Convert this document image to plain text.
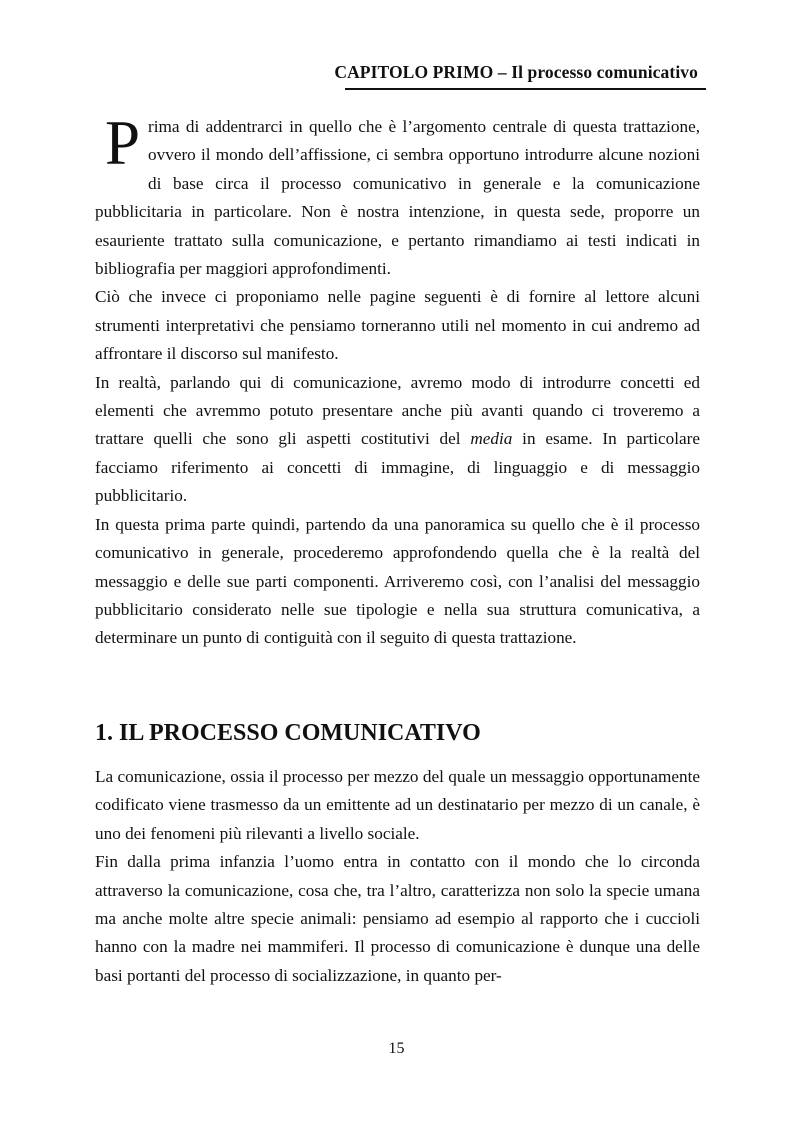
CAPITOLO PRIMO – Il processo comunicativo

Prima di addentrarci in quello che è l’argomento centrale di questa trattazione, ovvero il mondo dell’affissione, ci sembra opportuno introdurre alcune nozioni di base circa il processo comunicativo in generale e la comunicazione pubblicitaria in particolare. Non è nostra intenzione, in questa sede, proporre un esauriente trattato sulla comunicazione, e pertanto rimandiamo ai testi indicati in bibliografia per maggiori approfondimenti.

Ciò che invece ci proponiamo nelle pagine seguenti è di fornire al lettore alcuni strumenti interpretativi che pensiamo torneranno utili nel momento in cui andremo ad affrontare il discorso sul manifesto.

In realtà, parlando qui di comunicazione, avremo modo di introdurre concetti ed elementi che avremmo potuto presentare anche più avanti quando ci troveremo a trattare quelli che sono gli aspetti costitutivi del media in esame. In particolare facciamo riferimento ai concetti di immagine, di linguaggio e di messaggio pubblicitario.

In questa prima parte quindi, partendo da una panoramica su quello che è il processo comunicativo in generale, procederemo approfondendo quella che è la realtà del messaggio e delle sue parti componenti. Arriveremo così, con l’analisi del messaggio pubblicitario considerato nelle sue tipologie e nella sua struttura comunicativa, a determinare un punto di contiguità con il seguito di questa trattazione.

1. IL PROCESSO COMUNICATIVO

La comunicazione, ossia il processo per mezzo del quale un messaggio opportunamente codificato viene trasmesso da un emittente ad un destinatario per mezzo di un canale, è uno dei fenomeni più rilevanti a livello sociale.

Fin dalla prima infanzia l’uomo entra in contatto con il mondo che lo circonda attraverso la comunicazione, cosa che, tra l’altro, caratterizza non solo la specie umana ma anche molte altre specie animali: pensiamo ad esempio al rapporto che i cuccioli hanno con la madre nei mammiferi. Il processo di comunicazione è dunque una delle basi portanti del processo di socializzazione, in quanto per-

15
